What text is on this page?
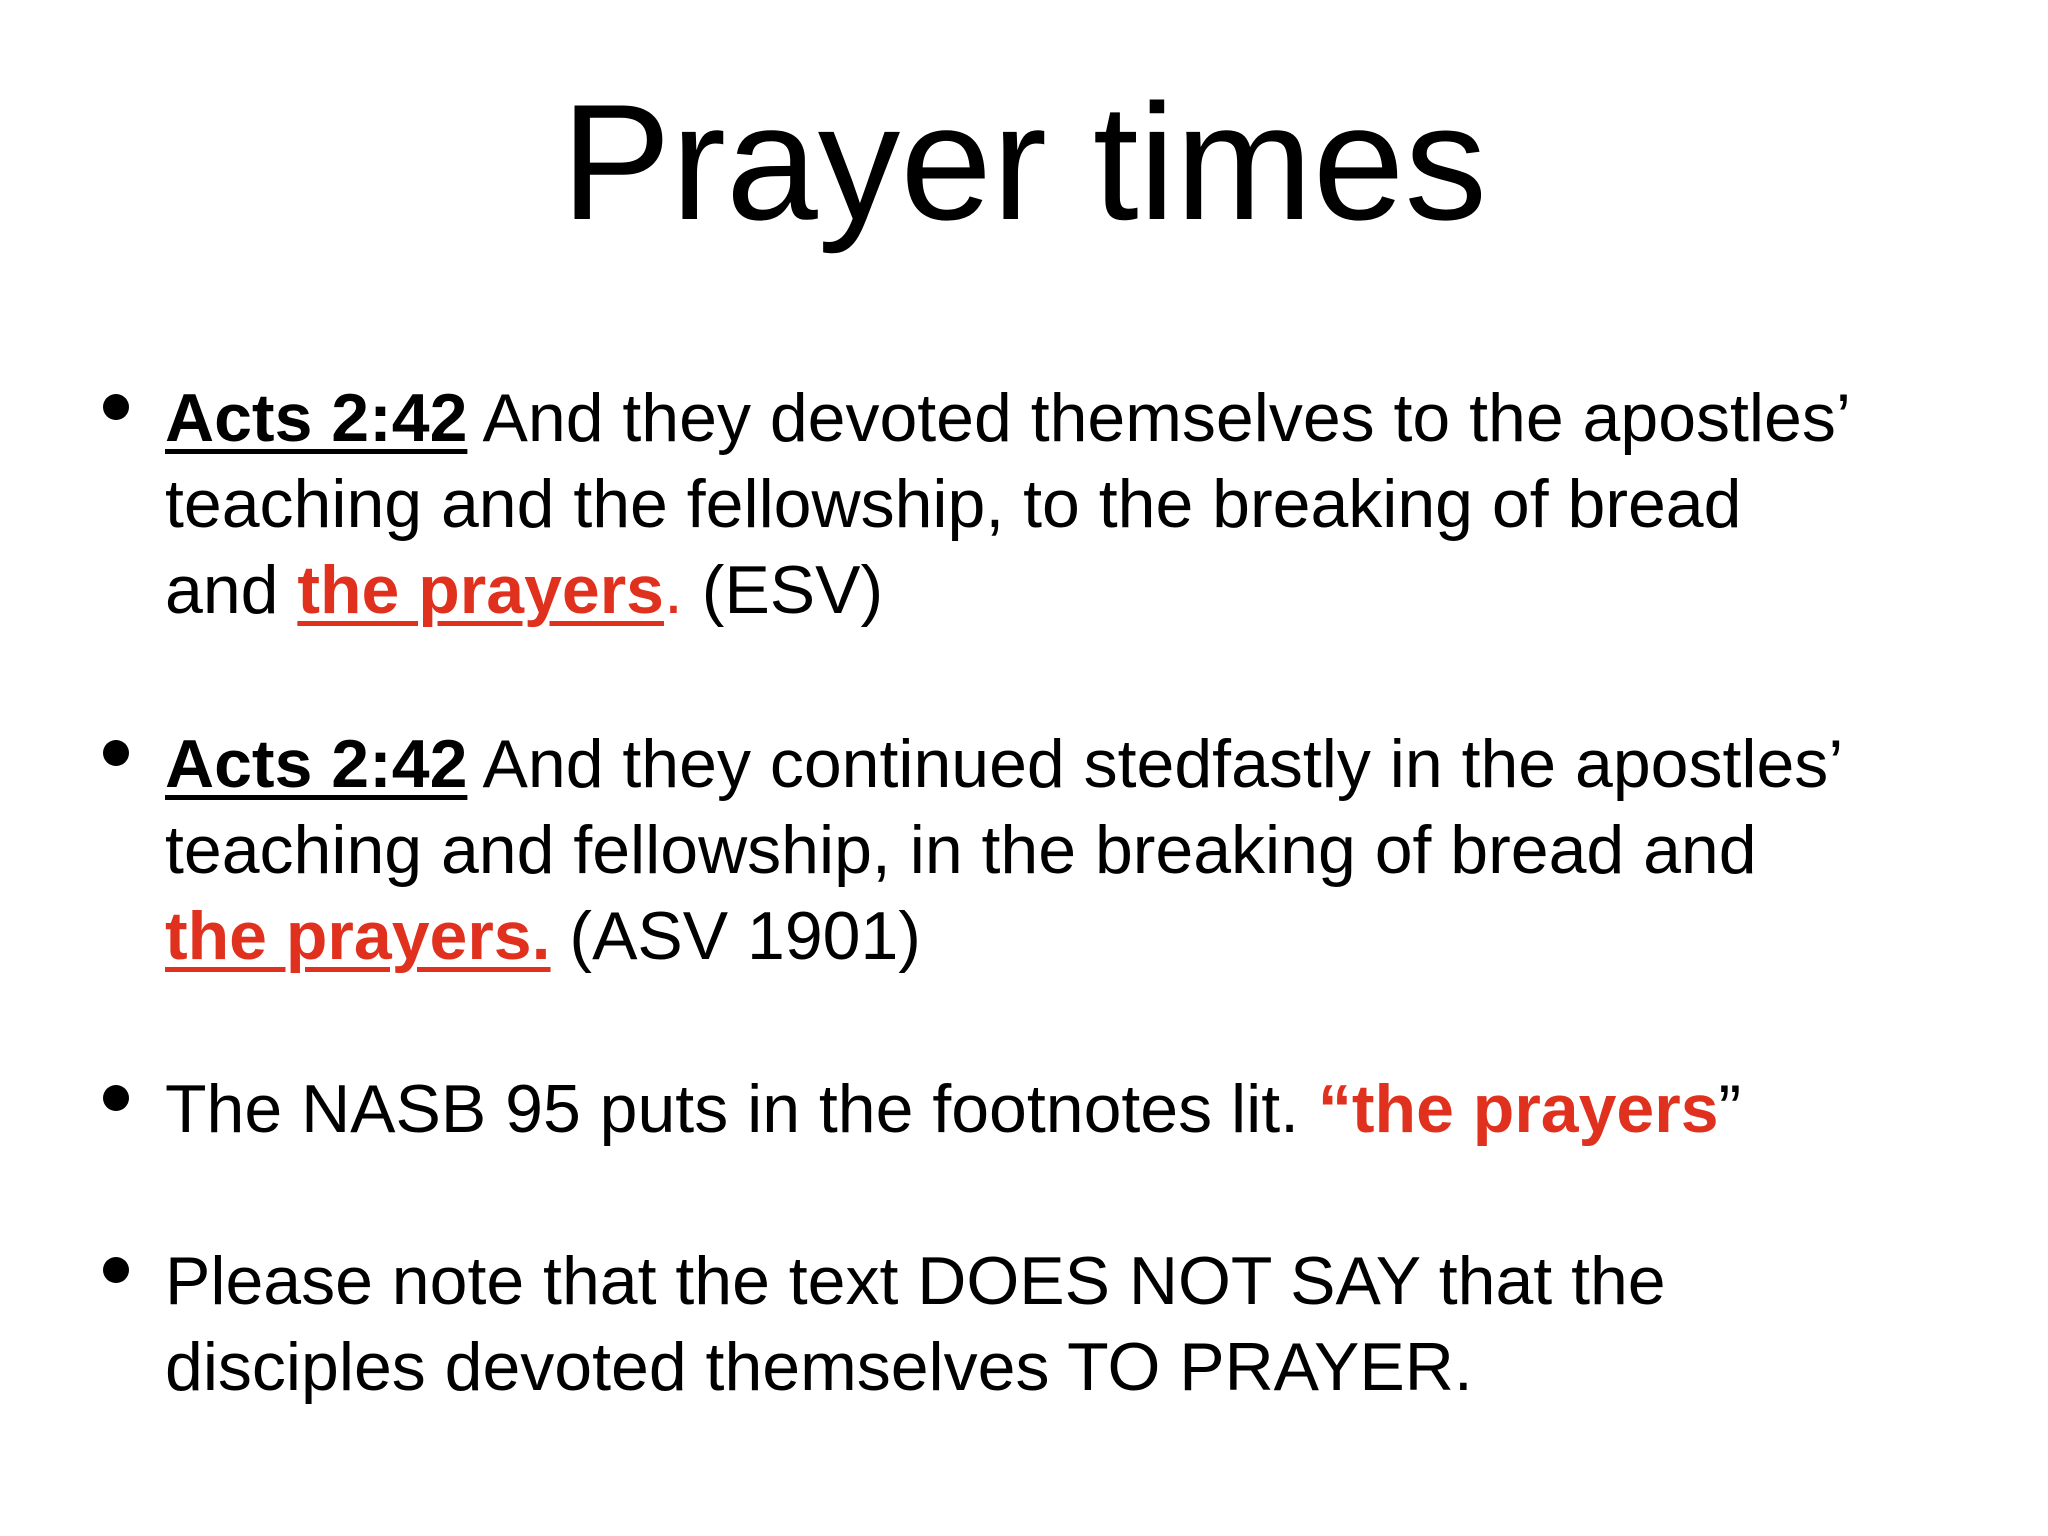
Prayer times
Acts 2:42 And they devoted themselves to the apostles’
teaching and the fellowship, to the breaking of bread
and the prayers. (ESV)
Acts 2:42 And they continued stedfastly in the apostles’
teaching and fellowship, in the breaking of bread and
the prayers. (ASV 1901)
The NASB 95 puts in the footnotes lit. “the prayers”
Please note that the text DOES NOT SAY that the
disciples devoted themselves TO PRAYER.
